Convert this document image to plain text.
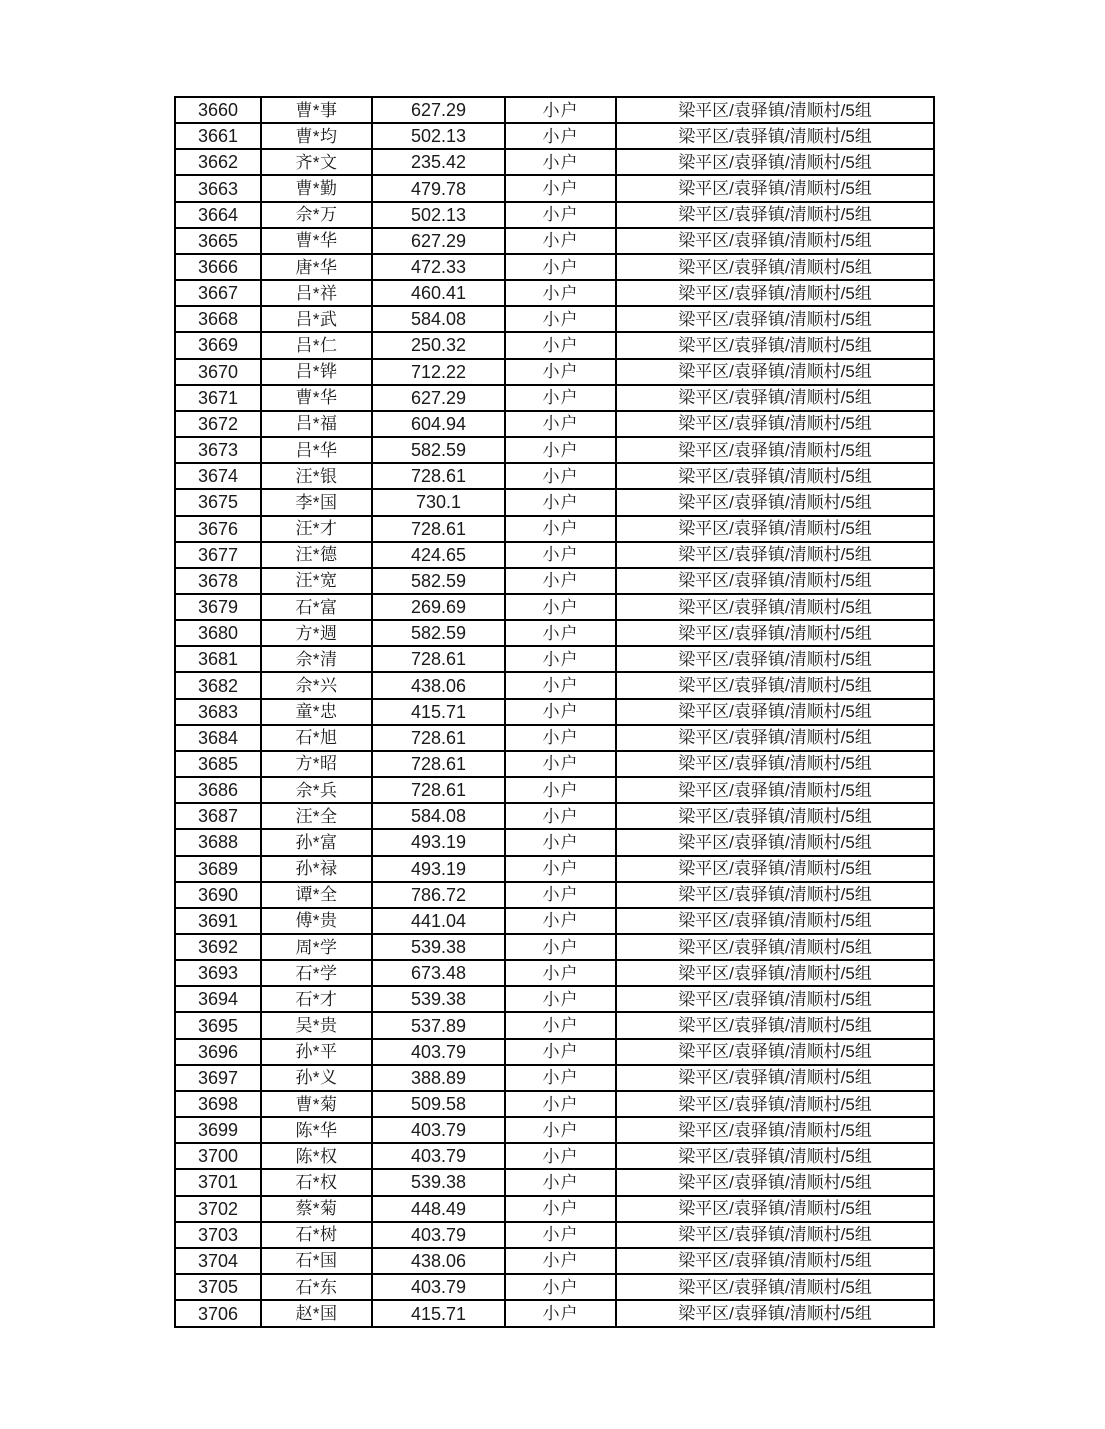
3660	曹*事	627.29	小户	梁平区/袁驿镇/清顺村/5组
3661	曹*均	502.13	小户	梁平区/袁驿镇/清顺村/5组
3662	齐*文	235.42	小户	梁平区/袁驿镇/清顺村/5组
3663	曹*勤	479.78	小户	梁平区/袁驿镇/清顺村/5组
3664	佘*万	502.13	小户	梁平区/袁驿镇/清顺村/5组
3665	曹*华	627.29	小户	梁平区/袁驿镇/清顺村/5组
3666	唐*华	472.33	小户	梁平区/袁驿镇/清顺村/5组
3667	吕*祥	460.41	小户	梁平区/袁驿镇/清顺村/5组
3668	吕*武	584.08	小户	梁平区/袁驿镇/清顺村/5组
3669	吕*仁	250.32	小户	梁平区/袁驿镇/清顺村/5组
3670	吕*铧	712.22	小户	梁平区/袁驿镇/清顺村/5组
3671	曹*华	627.29	小户	梁平区/袁驿镇/清顺村/5组
3672	吕*福	604.94	小户	梁平区/袁驿镇/清顺村/5组
3673	吕*华	582.59	小户	梁平区/袁驿镇/清顺村/5组
3674	汪*银	728.61	小户	梁平区/袁驿镇/清顺村/5组
3675	李*国	730.1	小户	梁平区/袁驿镇/清顺村/5组
3676	汪*才	728.61	小户	梁平区/袁驿镇/清顺村/5组
3677	汪*德	424.65	小户	梁平区/袁驿镇/清顺村/5组
3678	汪*宽	582.59	小户	梁平区/袁驿镇/清顺村/5组
3679	石*富	269.69	小户	梁平区/袁驿镇/清顺村/5组
3680	方*週	582.59	小户	梁平区/袁驿镇/清顺村/5组
3681	佘*清	728.61	小户	梁平区/袁驿镇/清顺村/5组
3682	佘*兴	438.06	小户	梁平区/袁驿镇/清顺村/5组
3683	童*忠	415.71	小户	梁平区/袁驿镇/清顺村/5组
3684	石*旭	728.61	小户	梁平区/袁驿镇/清顺村/5组
3685	方*昭	728.61	小户	梁平区/袁驿镇/清顺村/5组
3686	佘*兵	728.61	小户	梁平区/袁驿镇/清顺村/5组
3687	汪*全	584.08	小户	梁平区/袁驿镇/清顺村/5组
3688	孙*富	493.19	小户	梁平区/袁驿镇/清顺村/5组
3689	孙*禄	493.19	小户	梁平区/袁驿镇/清顺村/5组
3690	谭*全	786.72	小户	梁平区/袁驿镇/清顺村/5组
3691	傅*贵	441.04	小户	梁平区/袁驿镇/清顺村/5组
3692	周*学	539.38	小户	梁平区/袁驿镇/清顺村/5组
3693	石*学	673.48	小户	梁平区/袁驿镇/清顺村/5组
3694	石*才	539.38	小户	梁平区/袁驿镇/清顺村/5组
3695	吴*贵	537.89	小户	梁平区/袁驿镇/清顺村/5组
3696	孙*平	403.79	小户	梁平区/袁驿镇/清顺村/5组
3697	孙*义	388.89	小户	梁平区/袁驿镇/清顺村/5组
3698	曹*菊	509.58	小户	梁平区/袁驿镇/清顺村/5组
3699	陈*华	403.79	小户	梁平区/袁驿镇/清顺村/5组
3700	陈*权	403.79	小户	梁平区/袁驿镇/清顺村/5组
3701	石*权	539.38	小户	梁平区/袁驿镇/清顺村/5组
3702	蔡*菊	448.49	小户	梁平区/袁驿镇/清顺村/5组
3703	石*树	403.79	小户	梁平区/袁驿镇/清顺村/5组
3704	石*国	438.06	小户	梁平区/袁驿镇/清顺村/5组
3705	石*东	403.79	小户	梁平区/袁驿镇/清顺村/5组
3706	赵*国	415.71	小户	梁平区/袁驿镇/清顺村/5组
